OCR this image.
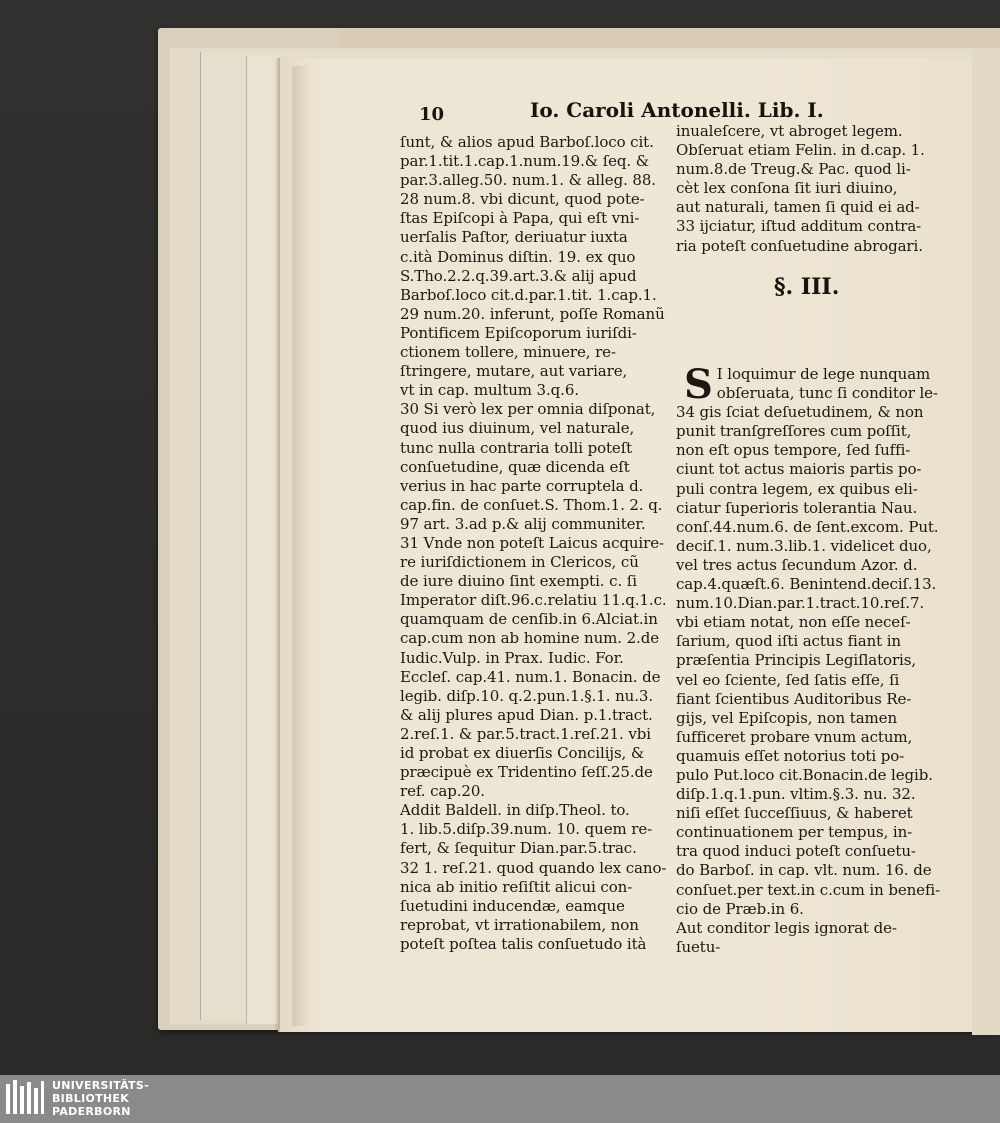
10	Io. Caroli Antonelli. Lib. I.
ſunt, & alios apud Barboſ.loco cit.
par.1.tit.1.cap.1.num.19.& ſeq. &
par.3.alleg.50. num.1. & alleg. 88.
28 num.8. vbi dicunt, quod pote-
ſtas Epiſcopi à Papa, qui eſt vni-
uerſalis Paſtor, deriuatur iuxta
c.ità Dominus diſtin. 19. ex quo
S.Tho.2.2.q.39.art.3.& alij apud
Barboſ.loco cit.d.par.1.tit. 1.cap.1.
29 num.20. inferunt, poſſe Romanũ
Pontificem Epiſcoporum iuriſdi-
ctionem tollere, minuere, re-
ſtringere, mutare, aut variare,
vt in cap. multum 3.q.6.
30 Si verò lex per omnia diſponat,
quod ius diuinum, vel naturale,
tunc nulla contraria tolli poteſt
conſuetudine, quæ dicenda eſt
verius in hac parte corruptela d.
cap.fin. de conſuet.S. Thom.1. 2. q.
97 art. 3.ad p.& alij communiter.
31 Vnde non poteſt Laicus acquire-
re iuriſdictionem in Clericos, cũ
de iure diuino ſint exempti. c. ſi
Imperator diſt.96.c.relatiu 11.q.1.c.
quamquam de cenſib.in 6.Alciat.in
cap.cum non ab homine num. 2.de
Iudic.Vulp. in Prax. Iudic. For.
Eccleſ. cap.41. num.1. Bonacin. de
legib. diſp.10. q.2.pun.1.§.1. nu.3.
& alij plures apud Dian. p.1.tract.
2.reſ.1. & par.5.tract.1.reſ.21. vbi
id probat ex diuerſis Concilijs, &
præcipuè ex Tridentino ſeſſ.25.de
ref. cap.20.
Addit Baldell. in diſp.Theol. to.
1. lib.5.diſp.39.num. 10. quem re-
fert, & ſequitur Dian.par.5.trac.
32 1. reſ.21. quod quando lex cano-
nica ab initio reſiſtit alicui con-
ſuetudini inducendæ, eamque
reprobat, vt irrationabilem, non
poteſt poſtea talis conſuetudo ità
inualeſcere, vt abroget legem.
Obſeruat etiam Felin. in d.cap. 1.
num.8.de Treug.& Pac. quod li-
cèt lex conſona ſit iuri diuino,
aut naturali, tamen ſi quid ei ad-
33 ijciatur, iſtud additum contra-
ria poteſt conſuetudine abrogari.
§. III.
S I loquimur de lege nunquam
obſeruata, tunc ſi conditor le-
34 gis ſciat deſuetudinem, & non
punit tranſgreſſores cum poſſit,
non eſt opus tempore, ſed ſuffi-
ciunt tot actus maioris partis po-
puli contra legem, ex quibus eli-
ciatur ſuperioris tolerantia Nau.
conſ.44.num.6. de ſent.excom. Put.
deciſ.1. num.3.lib.1. videlicet duo,
vel tres actus ſecundum Azor. d.
cap.4.quæſt.6. Benintend.deciſ.13.
num.10.Dian.par.1.tract.10.reſ.7.
vbi etiam notat, non eſſe neceſ-
ſarium, quod iſti actus fiant in
præſentia Principis Legiſlatoris,
vel eo ſciente, ſed ſatis eſſe, ſi
fiant ſcientibus Auditoribus Re-
gijs, vel Epiſcopis, non tamen
ſufficeret probare vnum actum,
quamuis eſſet notorius toti po-
pulo Put.loco cit.Bonacin.de legib.
diſp.1.q.1.pun. vltim.§.3. nu. 32.
niſi eſſet ſucceſſiuus, & haberet
continuationem per tempus, in-
tra quod induci poteſt conſuetu-
do Barboſ. in cap. vlt. num. 16. de
conſuet.per text.in c.cum in benefi-
cio de Præb.in 6.
Aut conditor legis ignorat de-
ſuetu-
UNIVERSITÄTS-
BIBLIOTHEK
PADERBORN
